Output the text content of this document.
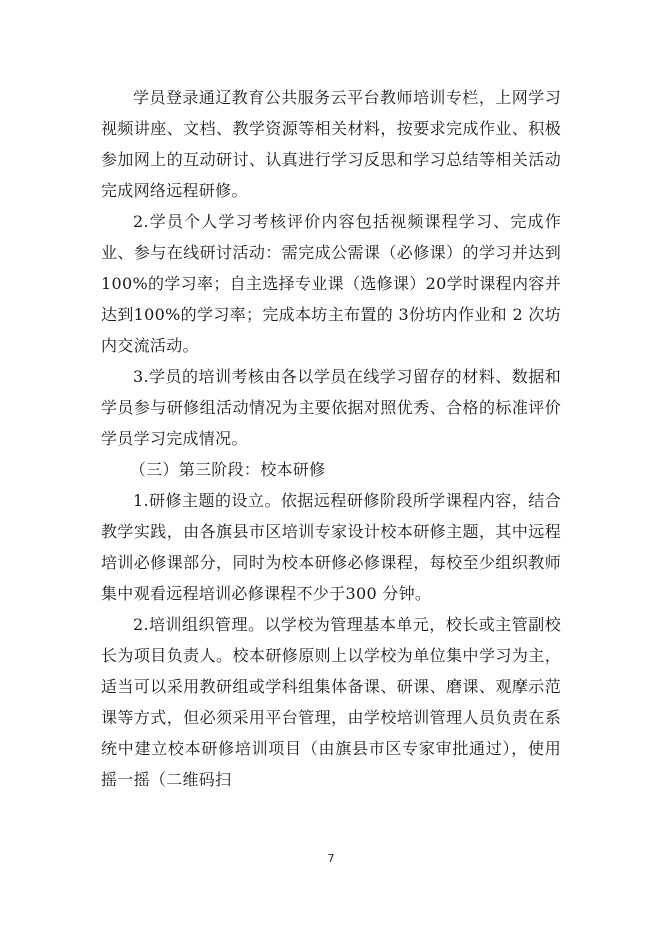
学员登录通辽教育公共服务云平台教师培训专栏，上网学习视频讲座、文档、教学资源等相关材料，按要求完成作业、积极参加网上的互动研讨、认真进行学习反思和学习总结等相关活动完成网络远程研修。

2.学员个人学习考核评价内容包括视频课程学习、完成作业、参与在线研讨活动：需完成公需课（必修课）的学习并达到 100%的学习率；自主选择专业课（选修课）20学时课程内容并达到100%的学习率；完成本坊主布置的 3份坊内作业和 2 次坊内交流活动。

3.学员的培训考核由各以学员在线学习留存的材料、数据和学员参与研修组活动情况为主要依据对照优秀、合格的标准评价学员学习完成情况。

（三）第三阶段：校本研修

1.研修主题的设立。依据远程研修阶段所学课程内容，结合教学实践，由各旗县市区培训专家设计校本研修主题，其中远程培训必修课部分，同时为校本研修必修课程，每校至少组织教师集中观看远程培训必修课程不少于300 分钟。

2.培训组织管理。以学校为管理基本单元，校长或主管副校长为项目负责人。校本研修原则上以学校为单位集中学习为主，适当可以采用教研组或学科组集体备课、研课、磨课、观摩示范课等方式，但必须采用平台管理，由学校培训管理人员负责在系统中建立校本研修培训项目（由旗县市区专家审批通过），使用摇一摇（二维码扫

7
